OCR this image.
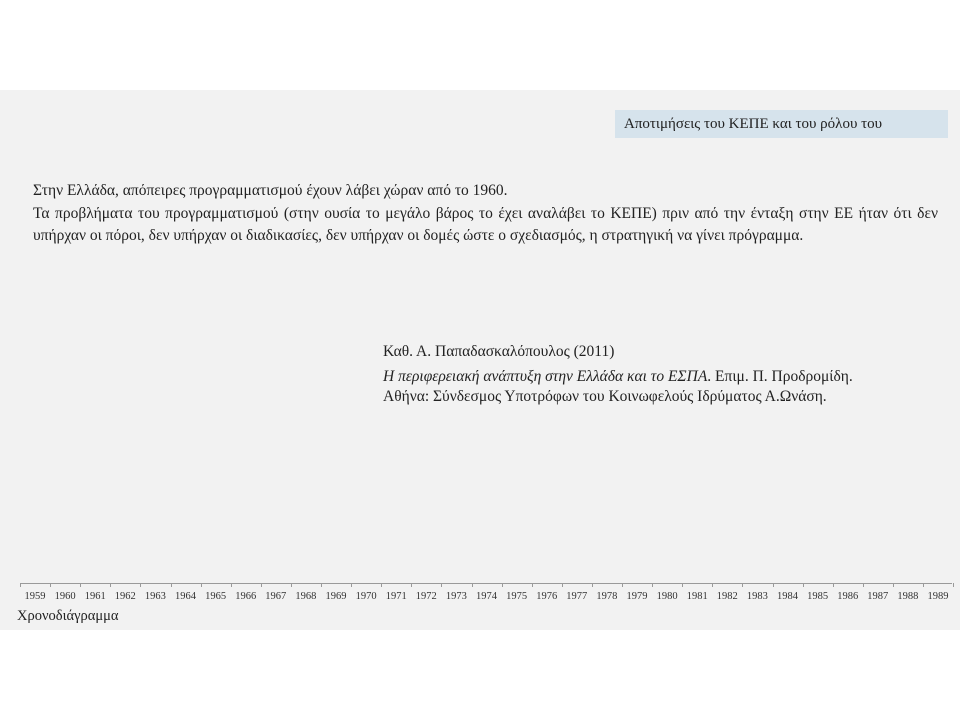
Αποτιμήσεις του ΚΕΠΕ και του ρόλου του

Στην Ελλάδα, απόπειρες προγραμματισμού έχουν λάβει χώραν από το 1960.

Τα προβλήματα του προγραμματισμού (στην ουσία το μεγάλο βάρος το έχει αναλάβει το ΚΕΠΕ) πριν από την ένταξη στην ΕΕ ήταν ότι δεν υπήρχαν οι πόροι, δεν υπήρχαν οι διαδικασίες, δεν υπήρχαν οι δομές ώστε ο σχεδιασμός, η στρατηγική να γίνει πρόγραμμα.

Καθ. Α. Παπαδασκαλόπουλος (2011)
Η περιφερειακή ανάπτυξη στην Ελλάδα και το ΕΣΠΑ. Επιμ. Π. Προδρομίδη.
Αθήνα: Σύνδεσμος Υποτρόφων του Κοινωφελούς Ιδρύματος Α.Ωνάση.
1959 1960 1961 1962 1963 1964 1965 1966 1967 1968 1969 1970 1971 1972 1973 1974 1975 1976 1977 1978 1979 1980 1981 1982 1983 1984 1985 1986 1987 1988 1989
Χρονοδιάγραμμα
